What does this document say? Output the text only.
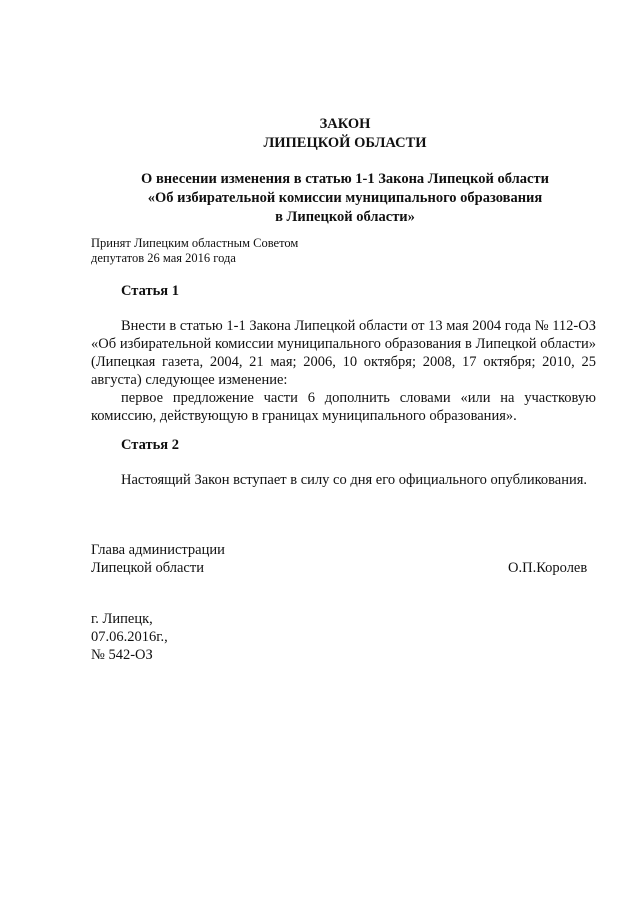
ЗАКОН
ЛИПЕЦКОЙ ОБЛАСТИ
О внесении изменения в статью 1-1 Закона Липецкой области
«Об избирательной комиссии муниципального образования
в Липецкой области»
Принят Липецким областным Советом
депутатов 26 мая 2016 года
Статья 1

Внести в статью 1-1 Закона Липецкой области от 13 мая 2004 года № 112-ОЗ «Об избирательной комиссии муниципального образования в Липецкой области» (Липецкая газета, 2004, 21 мая; 2006, 10 октября; 2008, 17 октября; 2010, 25 августа) следующее изменение:

первое предложение части 6 дополнить словами «или на участковую комиссию, действующую в границах муниципального образования».

Статья 2

Настоящий Закон вступает в силу со дня его официального опубликования.

Глава администрации
Липецкой области	О.П.Королев
г. Липецк,
07.06.2016г.,
№ 542-ОЗ
